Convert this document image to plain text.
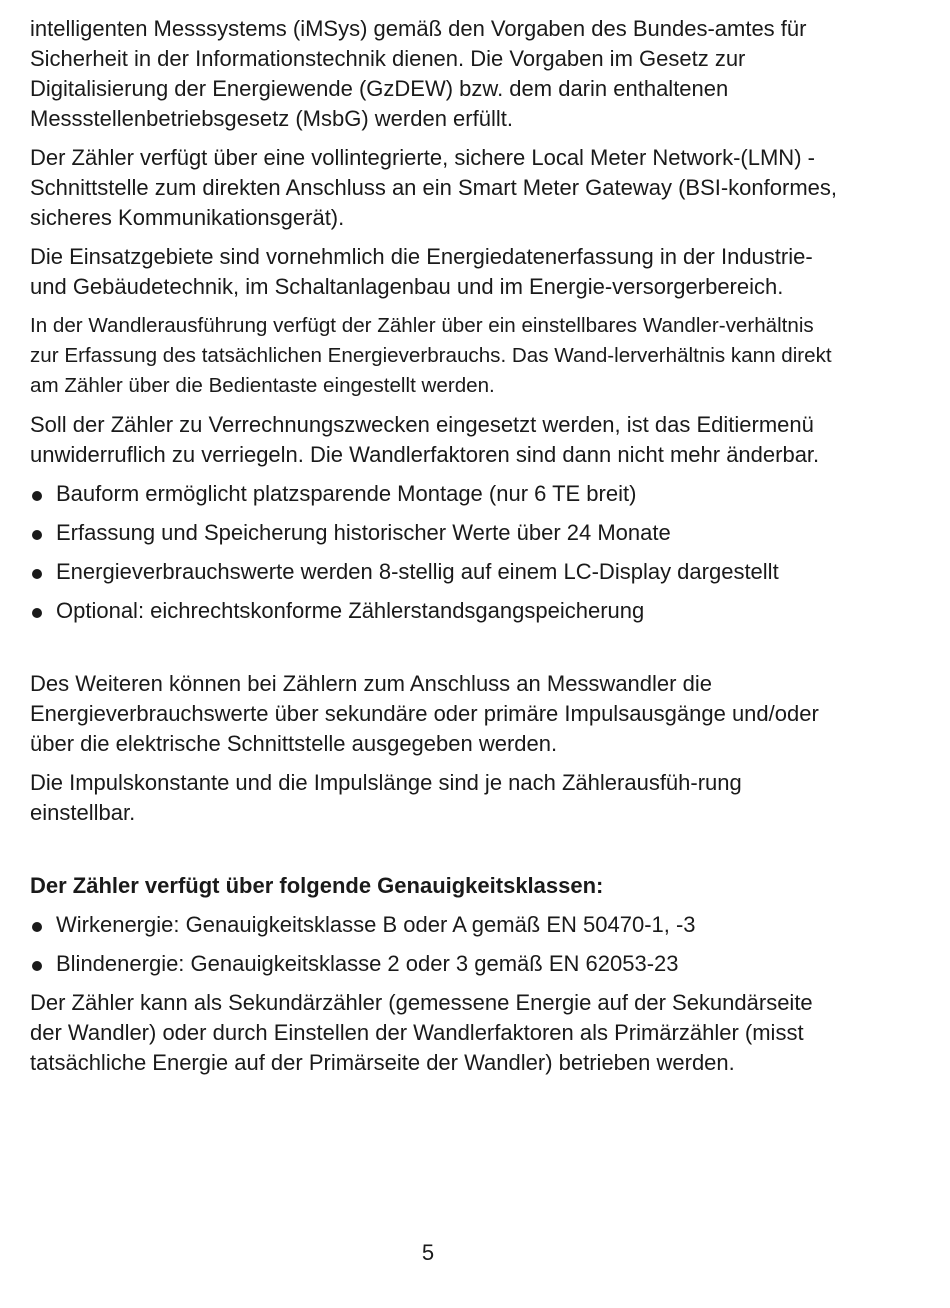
intelligenten Messsystems (iMSys) gemäß den Vorgaben des Bundes-amtes für Sicherheit in der Informationstechnik dienen. Die Vorgaben im Gesetz zur Digitalisierung der Energiewende (GzDEW) bzw. dem darin enthaltenen Messstellenbetriebsgesetz (MsbG) werden erfüllt.

Der Zähler verfügt über eine vollintegrierte, sichere Local Meter Network-(LMN) -Schnittstelle zum direkten Anschluss an ein Smart Meter Gateway (BSI-konformes, sicheres Kommunikationsgerät).

Die Einsatzgebiete sind vornehmlich die Energiedatenerfassung in der Industrie- und Gebäudetechnik, im Schaltanlagenbau und im Energie-versorgerbereich.

In der Wandlerausführung verfügt der Zähler über ein einstellbares Wandler-verhältnis zur Erfassung des tatsächlichen Energieverbrauchs. Das Wand-lerverhältnis kann direkt am Zähler über die Bedientaste eingestellt werden.

Soll der Zähler zu Verrechnungszwecken eingesetzt werden, ist das Editiermenü unwiderruflich zu verriegeln. Die Wandlerfaktoren sind dann nicht mehr änderbar.

Bauform ermöglicht platzsparende Montage (nur 6 TE breit)
Erfassung und Speicherung historischer Werte über 24 Monate
Energieverbrauchswerte werden 8-stellig auf einem LC-Display dargestellt
Optional: eichrechtskonforme Zählerstandsgangspeicherung

Des Weiteren können bei Zählern zum Anschluss an Messwandler die Energieverbrauchswerte über sekundäre oder primäre Impulsausgänge und/oder über die elektrische Schnittstelle ausgegeben werden.

Die Impulskonstante und die Impulslänge sind je nach Zählerausfüh-rung einstellbar.

Der Zähler verfügt über folgende Genauigkeitsklassen:

Wirkenergie: Genauigkeitsklasse B oder A gemäß EN 50470-1, -3
Blindenergie: Genauigkeitsklasse 2 oder 3 gemäß EN 62053-23

Der Zähler kann als Sekundärzähler (gemessene Energie auf der Sekundärseite der Wandler) oder durch Einstellen der Wandlerfaktoren als Primärzähler (misst tatsächliche Energie auf der Primärseite der Wandler) betrieben werden.

5
